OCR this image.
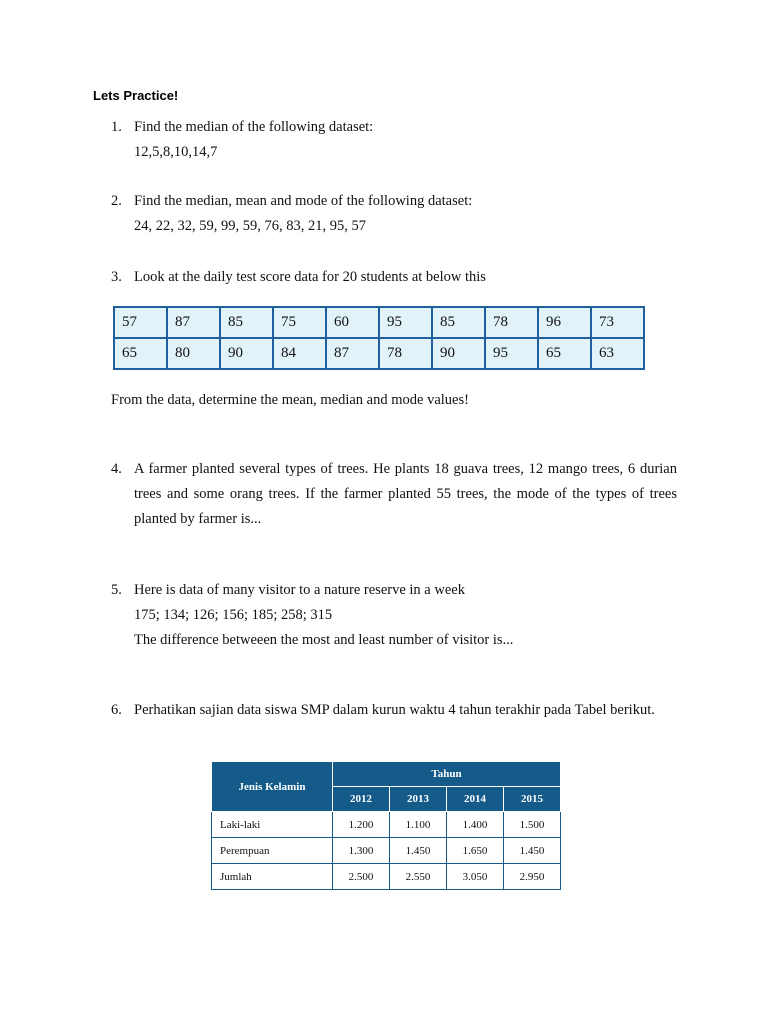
Lets Practice!
1. Find the median of the following dataset:
12,5,8,10,14,7
2. Find the median, mean and mode of the following dataset:
24, 22, 32, 59, 99, 59, 76, 83, 21, 95, 57
3. Look at the daily test score data for 20 students at below this
57	87	85	75	60	95	85	78	96	73
65	80	90	84	87	78	90	95	65	63
From the data, determine the mean, median and mode values!
4. A farmer planted several types of trees. He plants 18 guava trees, 12 mango trees, 6 durian trees and some orang trees. If the farmer planted 55 trees, the mode of the types of trees planted by farmer is...
5. Here is data of many visitor to a nature reserve in a week
175; 134; 126; 156; 185; 258; 315
The difference betweeen the most and least number of visitor is...
6. Perhatikan sajian data siswa SMP dalam kurun waktu 4 tahun terakhir pada Tabel berikut.
Jenis Kelamin	Tahun			
	2012	2013	2014	2015
Laki-laki	1.200	1.100	1.400	1.500
Perempuan	1.300	1.450	1.650	1.450
Jumlah	2.500	2.550	3.050	2.950
